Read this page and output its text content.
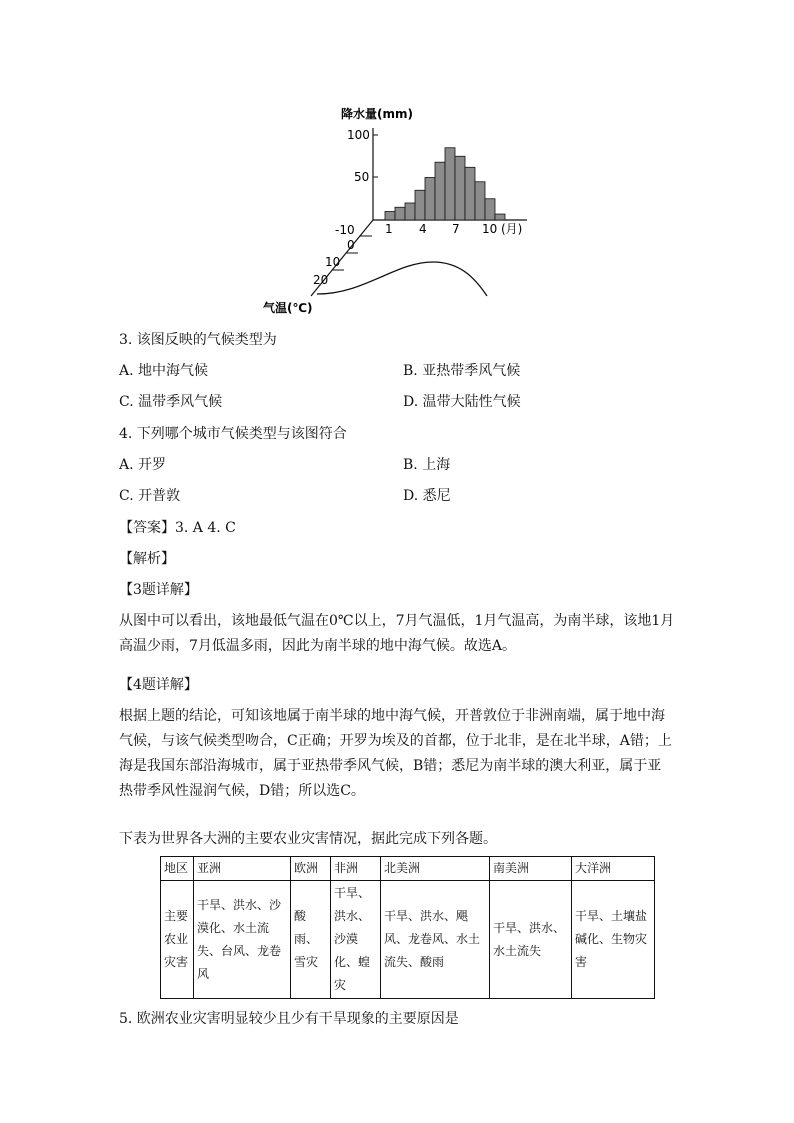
降水量(mm)
100
50
-10	1 4 7 10 (月)
0
10
20
气温(℃)
3. 该图反映的气候类型为
A. 地中海气候	B. 亚热带季风气候
C. 温带季风气候	D. 温带大陆性气候
4. 下列哪个城市气候类型与该图符合
A. 开罗	B. 上海
C. 开普敦	D. 悉尼
【答案】3. A 4. C
【解析】
【3题详解】
从图中可以看出，该地最低气温在0℃以上，7月气温低，1月气温高，为南半球，该地1月高温少雨，7月低温多雨，因此为南半球的地中海气候。故选A。
【4题详解】
根据上题的结论，可知该地属于南半球的地中海气候，开普敦位于非洲南端，属于地中海气候，与该气候类型吻合，C正确；开罗为埃及的首都，位于北非，是在北半球，A错；上海是我国东部沿海城市，属于亚热带季风气候，B错；悉尼为南半球的澳大利亚，属于亚热带季风性湿润气候，D错；所以选C。
下表为世界各大洲的主要农业灾害情况，据此完成下列各题。
地区	亚洲	欧洲	非洲	北美洲	南美洲	大洋洲
主要农业灾害	干旱、洪水、沙漠化、水土流失、台风、龙卷风	酸雨、雪灾	干旱、洪水、沙漠化、蝗灾	干旱、洪水、飓风、龙卷风、水土流失、酸雨	干旱、洪水、水土流失	干旱、土壤盐碱化、生物灾害
5. 欧洲农业灾害明显较少且少有干旱现象的主要原因是
